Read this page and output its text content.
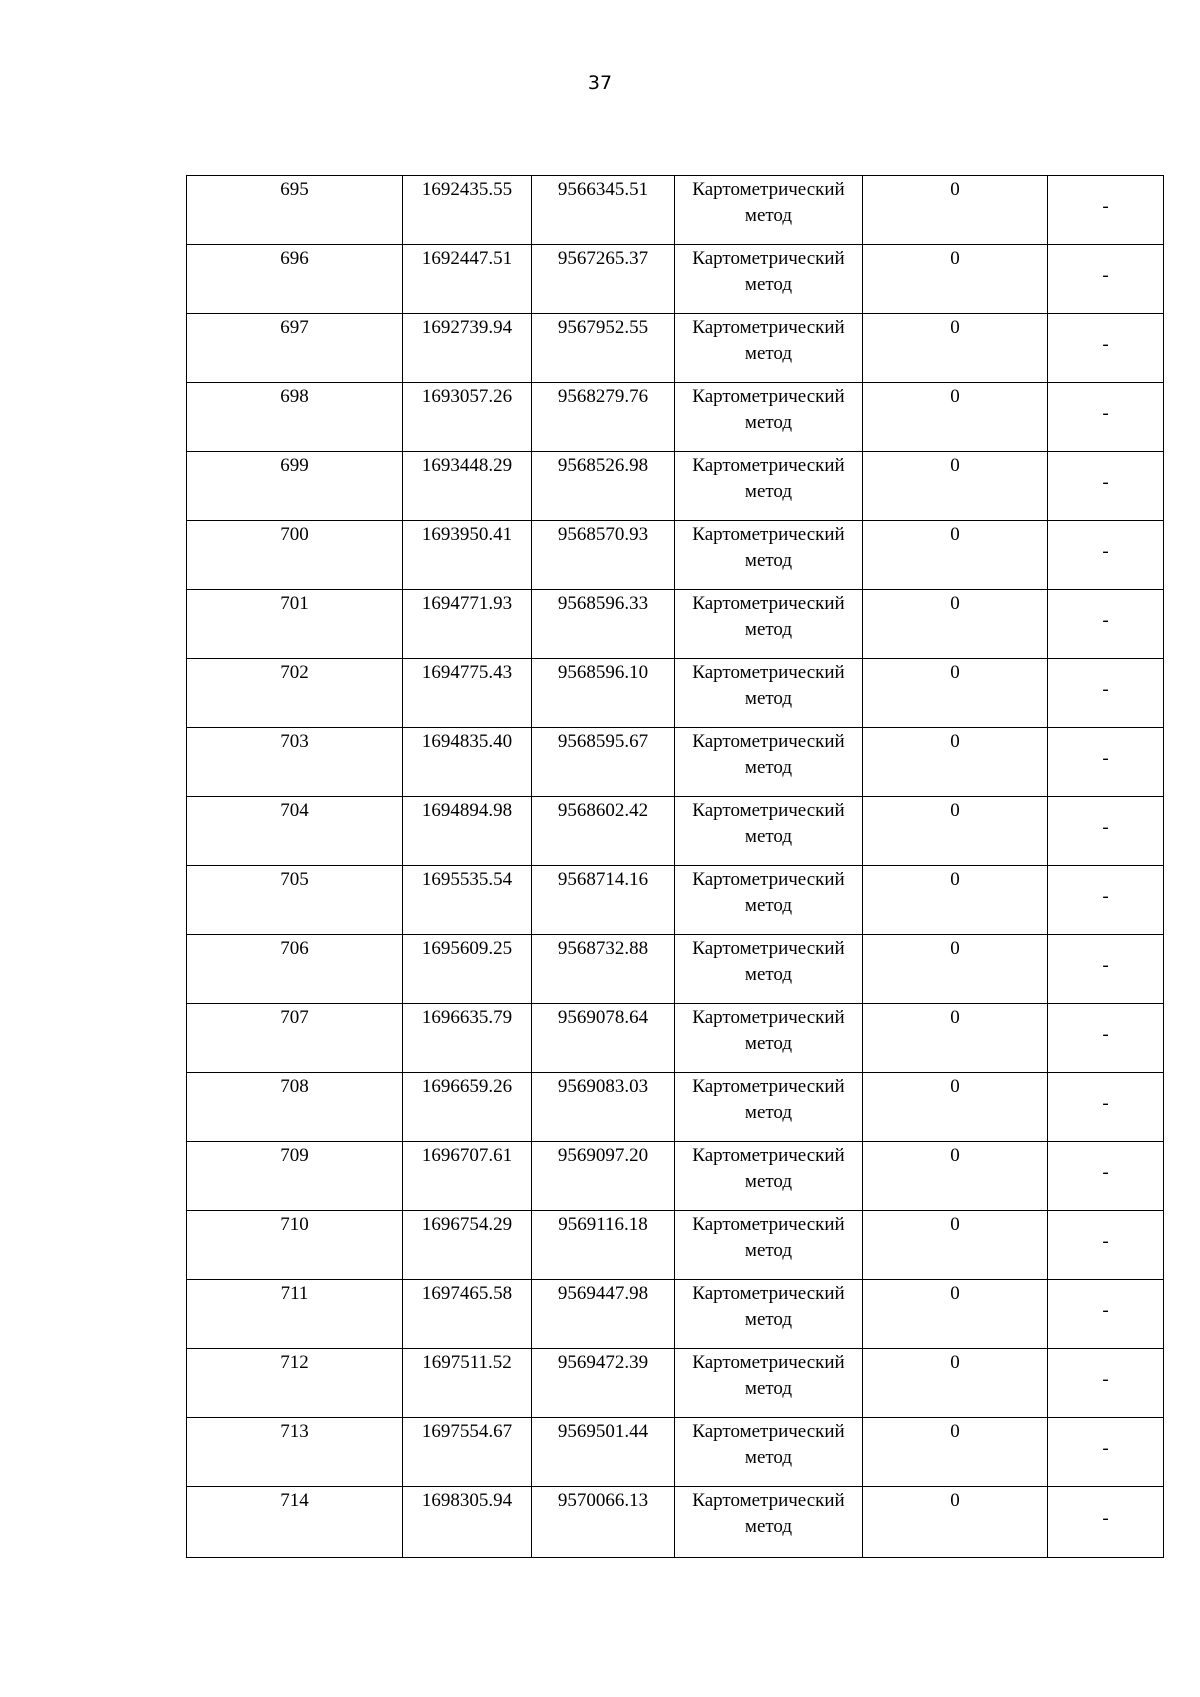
37
695	1692435.55	9566345.51	Картометрический
метод	0	-

696	1692447.51	9567265.37	Картометрический
метод	0	-

697	1692739.94	9567952.55	Картометрический
метод	0	-

698	1693057.26	9568279.76	Картометрический
метод	0	-

699	1693448.29	9568526.98	Картометрический
метод	0	-

700	1693950.41	9568570.93	Картометрический
метод	0	-

701	1694771.93	9568596.33	Картометрический
метод	0	-

702	1694775.43	9568596.10	Картометрический
метод	0	-

703	1694835.40	9568595.67	Картометрический
метод	0	-

704	1694894.98	9568602.42	Картометрический
метод	0	-

705	1695535.54	9568714.16	Картометрический
метод	0	-

706	1695609.25	9568732.88	Картометрический
метод	0	-

707	1696635.79	9569078.64	Картометрический
метод	0	-

708	1696659.26	9569083.03	Картометрический
метод	0	-

709	1696707.61	9569097.20	Картометрический
метод	0	-

710	1696754.29	9569116.18	Картометрический
метод	0	-

711	1697465.58	9569447.98	Картометрический
метод	0	-

712	1697511.52	9569472.39	Картометрический
метод	0	-

713	1697554.67	9569501.44	Картометрический
метод	0	-

714	1698305.94	9570066.13	Картометрический
метод	0	-
